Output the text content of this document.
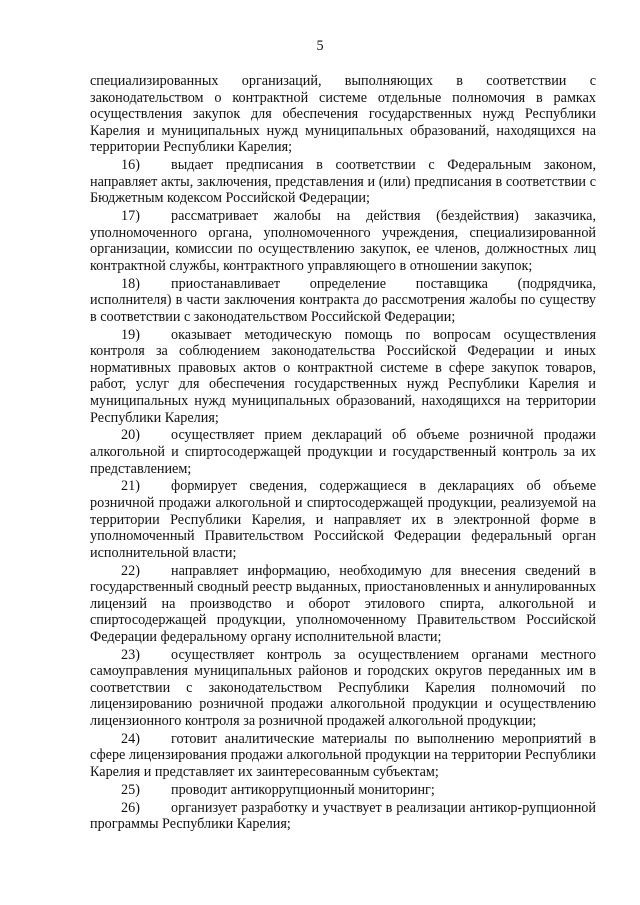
5

специализированных организаций, выполняющих в соответствии с законодательством о контрактной системе отдельные полномочия в рамках осуществления закупок для обеспечения государственных нужд Республики Карелия и муниципальных нужд муниципальных образований, находящихся на территории Республики Карелия;

16) выдает предписания в соответствии с Федеральным законом, направляет акты, заключения, представления и (или) предписания в соответствии с Бюджетным кодексом Российской Федерации;

17) рассматривает жалобы на действия (бездействия) заказчика, уполномоченного органа, уполномоченного учреждения, специализированной организации, комиссии по осуществлению закупок, ее членов, должностных лиц контрактной службы, контрактного управляющего в отношении закупок;

18) приостанавливает определение поставщика (подрядчика, исполнителя) в части заключения контракта до рассмотрения жалобы по существу в соответствии с законодательством Российской Федерации;

19) оказывает методическую помощь по вопросам осуществления контроля за соблюдением законодательства Российской Федерации и иных нормативных правовых актов о контрактной системе в сфере закупок товаров, работ, услуг для обеспечения государственных нужд Республики Карелия и муниципальных нужд муниципальных образований, находящихся на территории Республики Карелия;

20) осуществляет прием деклараций об объеме розничной продажи алкогольной и спиртосодержащей продукции и государственный контроль за их представлением;

21) формирует сведения, содержащиеся в декларациях об объеме розничной продажи алкогольной и спиртосодержащей продукции, реализуемой на территории Республики Карелия, и направляет их в электронной форме в уполномоченный Правительством Российской Федерации федеральный орган исполнительной власти;

22) направляет информацию, необходимую для внесения сведений в государственный сводный реестр выданных, приостановленных и аннулированных лицензий на производство и оборот этилового спирта, алкогольной и спиртосодержащей продукции, уполномоченному Правительством Российской Федерации федеральному органу исполнительной власти;

23) осуществляет контроль за осуществлением органами местного самоуправления муниципальных районов и городских округов переданных им в соответствии с законодательством Республики Карелия полномочий по лицензированию розничной продажи алкогольной продукции и осуществлению лицензионного контроля за розничной продажей алкогольной продукции;

24) готовит аналитические материалы по выполнению мероприятий в сфере лицензирования продажи алкогольной продукции на территории Республики Карелия и представляет их заинтересованным субъектам;

25) проводит антикоррупционный мониторинг;

26) организует разработку и участвует в реализации антикор-рупционной программы Республики Карелия;
